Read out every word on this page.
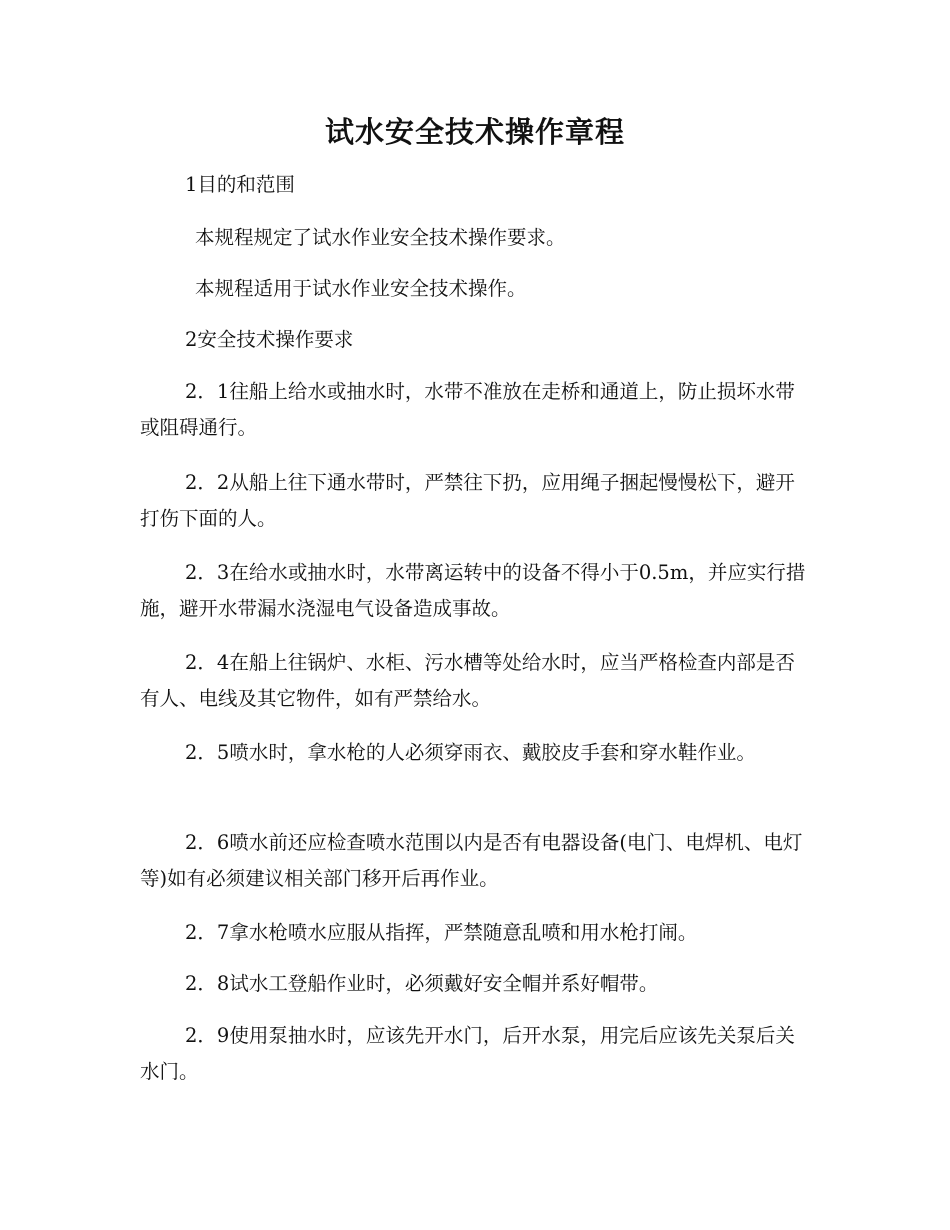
试水安全技术操作章程

1目的和范围

本规程规定了试水作业安全技术操作要求。

本规程适用于试水作业安全技术操作。

2安全技术操作要求

2．1往船上给水或抽水时，水带不准放在走桥和通道上，防止损坏水带或阻碍通行。

2．2从船上往下通水带时，严禁往下扔，应用绳子捆起慢慢松下，避开打伤下面的人。

2．3在给水或抽水时，水带离运转中的设备不得小于0.5m，并应实行措施，避开水带漏水浇湿电气设备造成事故。

2．4在船上往锅炉、水柜、污水槽等处给水时，应当严格检查内部是否有人、电线及其它物件，如有严禁给水。

2．5喷水时，拿水枪的人必须穿雨衣、戴胶皮手套和穿水鞋作业。

2．6喷水前还应检查喷水范围以内是否有电器设备(电门、电焊机、电灯等)如有必须建议相关部门移开后再作业。

2．7拿水枪喷水应服从指挥，严禁随意乱喷和用水枪打闹。

2．8试水工登船作业时，必须戴好安全帽并系好帽带。

2．9使用泵抽水时，应该先开水门，后开水泵，用完后应该先关泵后关水门。
